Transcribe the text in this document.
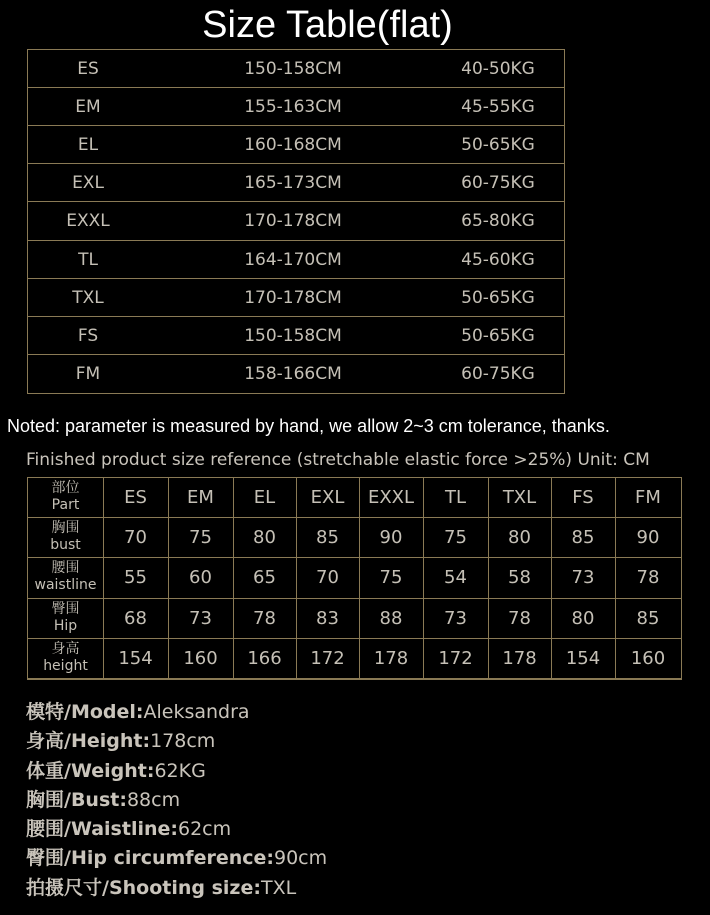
Size Table(flat)
ES	150-158CM	40-50KG
EM	155-163CM	45-55KG
EL	160-168CM	50-65KG
EXL	165-173CM	60-75KG
EXXL	170-178CM	65-80KG
TL	164-170CM	45-60KG
TXL	170-178CM	50-65KG
FS	150-158CM	50-65KG
FM	158-166CM	60-75KG
Noted: parameter is measured by hand, we allow 2~3 cm tolerance, thanks.
Finished product size reference (stretchable elastic force >25%) Unit: CM
部位
Part	ES	EM	EL	EXL	EXXL	TL	TXL	FS	FM
胸围
bust	70	75	80	85	90	75	80	85	90
腰围
waistline	55	60	65	70	75	54	58	73	78
臀围
Hip	68	73	78	83	88	73	78	80	85
身高
height	154	160	166	172	178	172	178	154	160
模特/Model:Aleksandra
身高/Height:178cm
体重/Weight:62KG
胸围/Bust:88cm
腰围/Waistline:62cm
臀围/Hip circumference:90cm
拍摄尺寸/Shooting size:TXL
